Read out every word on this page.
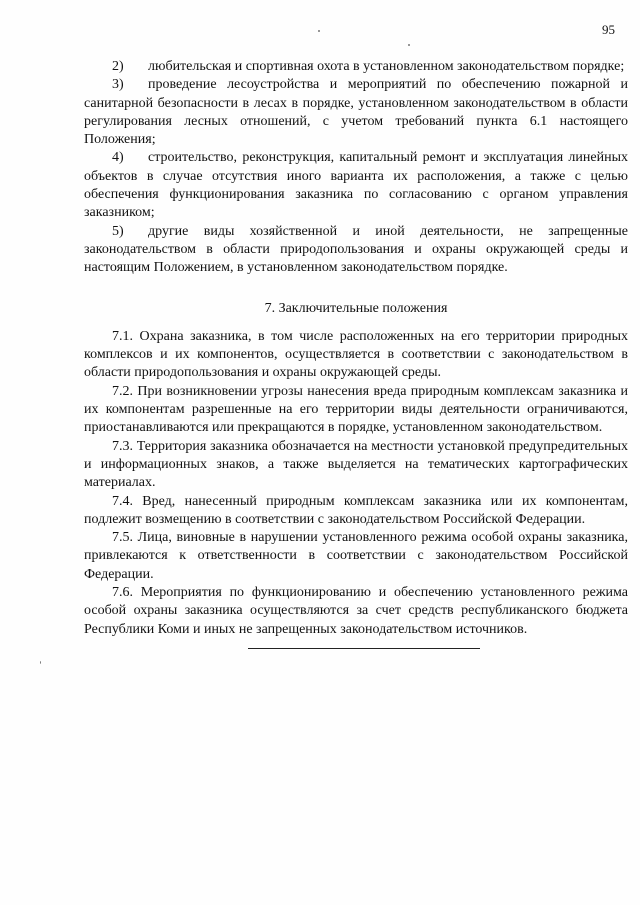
95

2) любительская и спортивная охота в установленном законодательством порядке;

3) проведение лесоустройства и мероприятий по обеспечению пожарной и санитарной безопасности в лесах в порядке, установленном законодательством в области регулирования лесных отношений, с учетом требований пункта 6.1 настоящего Положения;

4) строительство, реконструкция, капитальный ремонт и эксплуатация линейных объектов в случае отсутствия иного варианта их расположения, а также с целью обеспечения функционирования заказника по согласованию с органом управления заказником;

5) другие виды хозяйственной и иной деятельности, не запрещенные законодательством в области природопользования и охраны окружающей среды и настоящим Положением, в установленном законодательством порядке.

7. Заключительные положения

7.1. Охрана заказника, в том числе расположенных на его территории природных комплексов и их компонентов, осуществляется в соответствии с законодательством в области природопользования и охраны окружающей среды.

7.2. При возникновении угрозы нанесения вреда природным комплексам заказника и их компонентам разрешенные на его территории виды деятельности ограничиваются, приостанавливаются или прекращаются в порядке, установленном законодательством.

7.3. Территория заказника обозначается на местности установкой предупредительных и информационных знаков, а также выделяется на тематических картографических материалах.

7.4. Вред, нанесенный природным комплексам заказника или их компонентам, подлежит возмещению в соответствии с законодательством Российской Федерации.

7.5. Лица, виновные в нарушении установленного режима особой охраны заказника, привлекаются к ответственности в соответствии с законодательством Российской Федерации.

7.6. Мероприятия по функционированию и обеспечению установленного режима особой охраны заказника осуществляются за счет средств республиканского бюджета Республики Коми и иных не запрещенных законодательством источников.
